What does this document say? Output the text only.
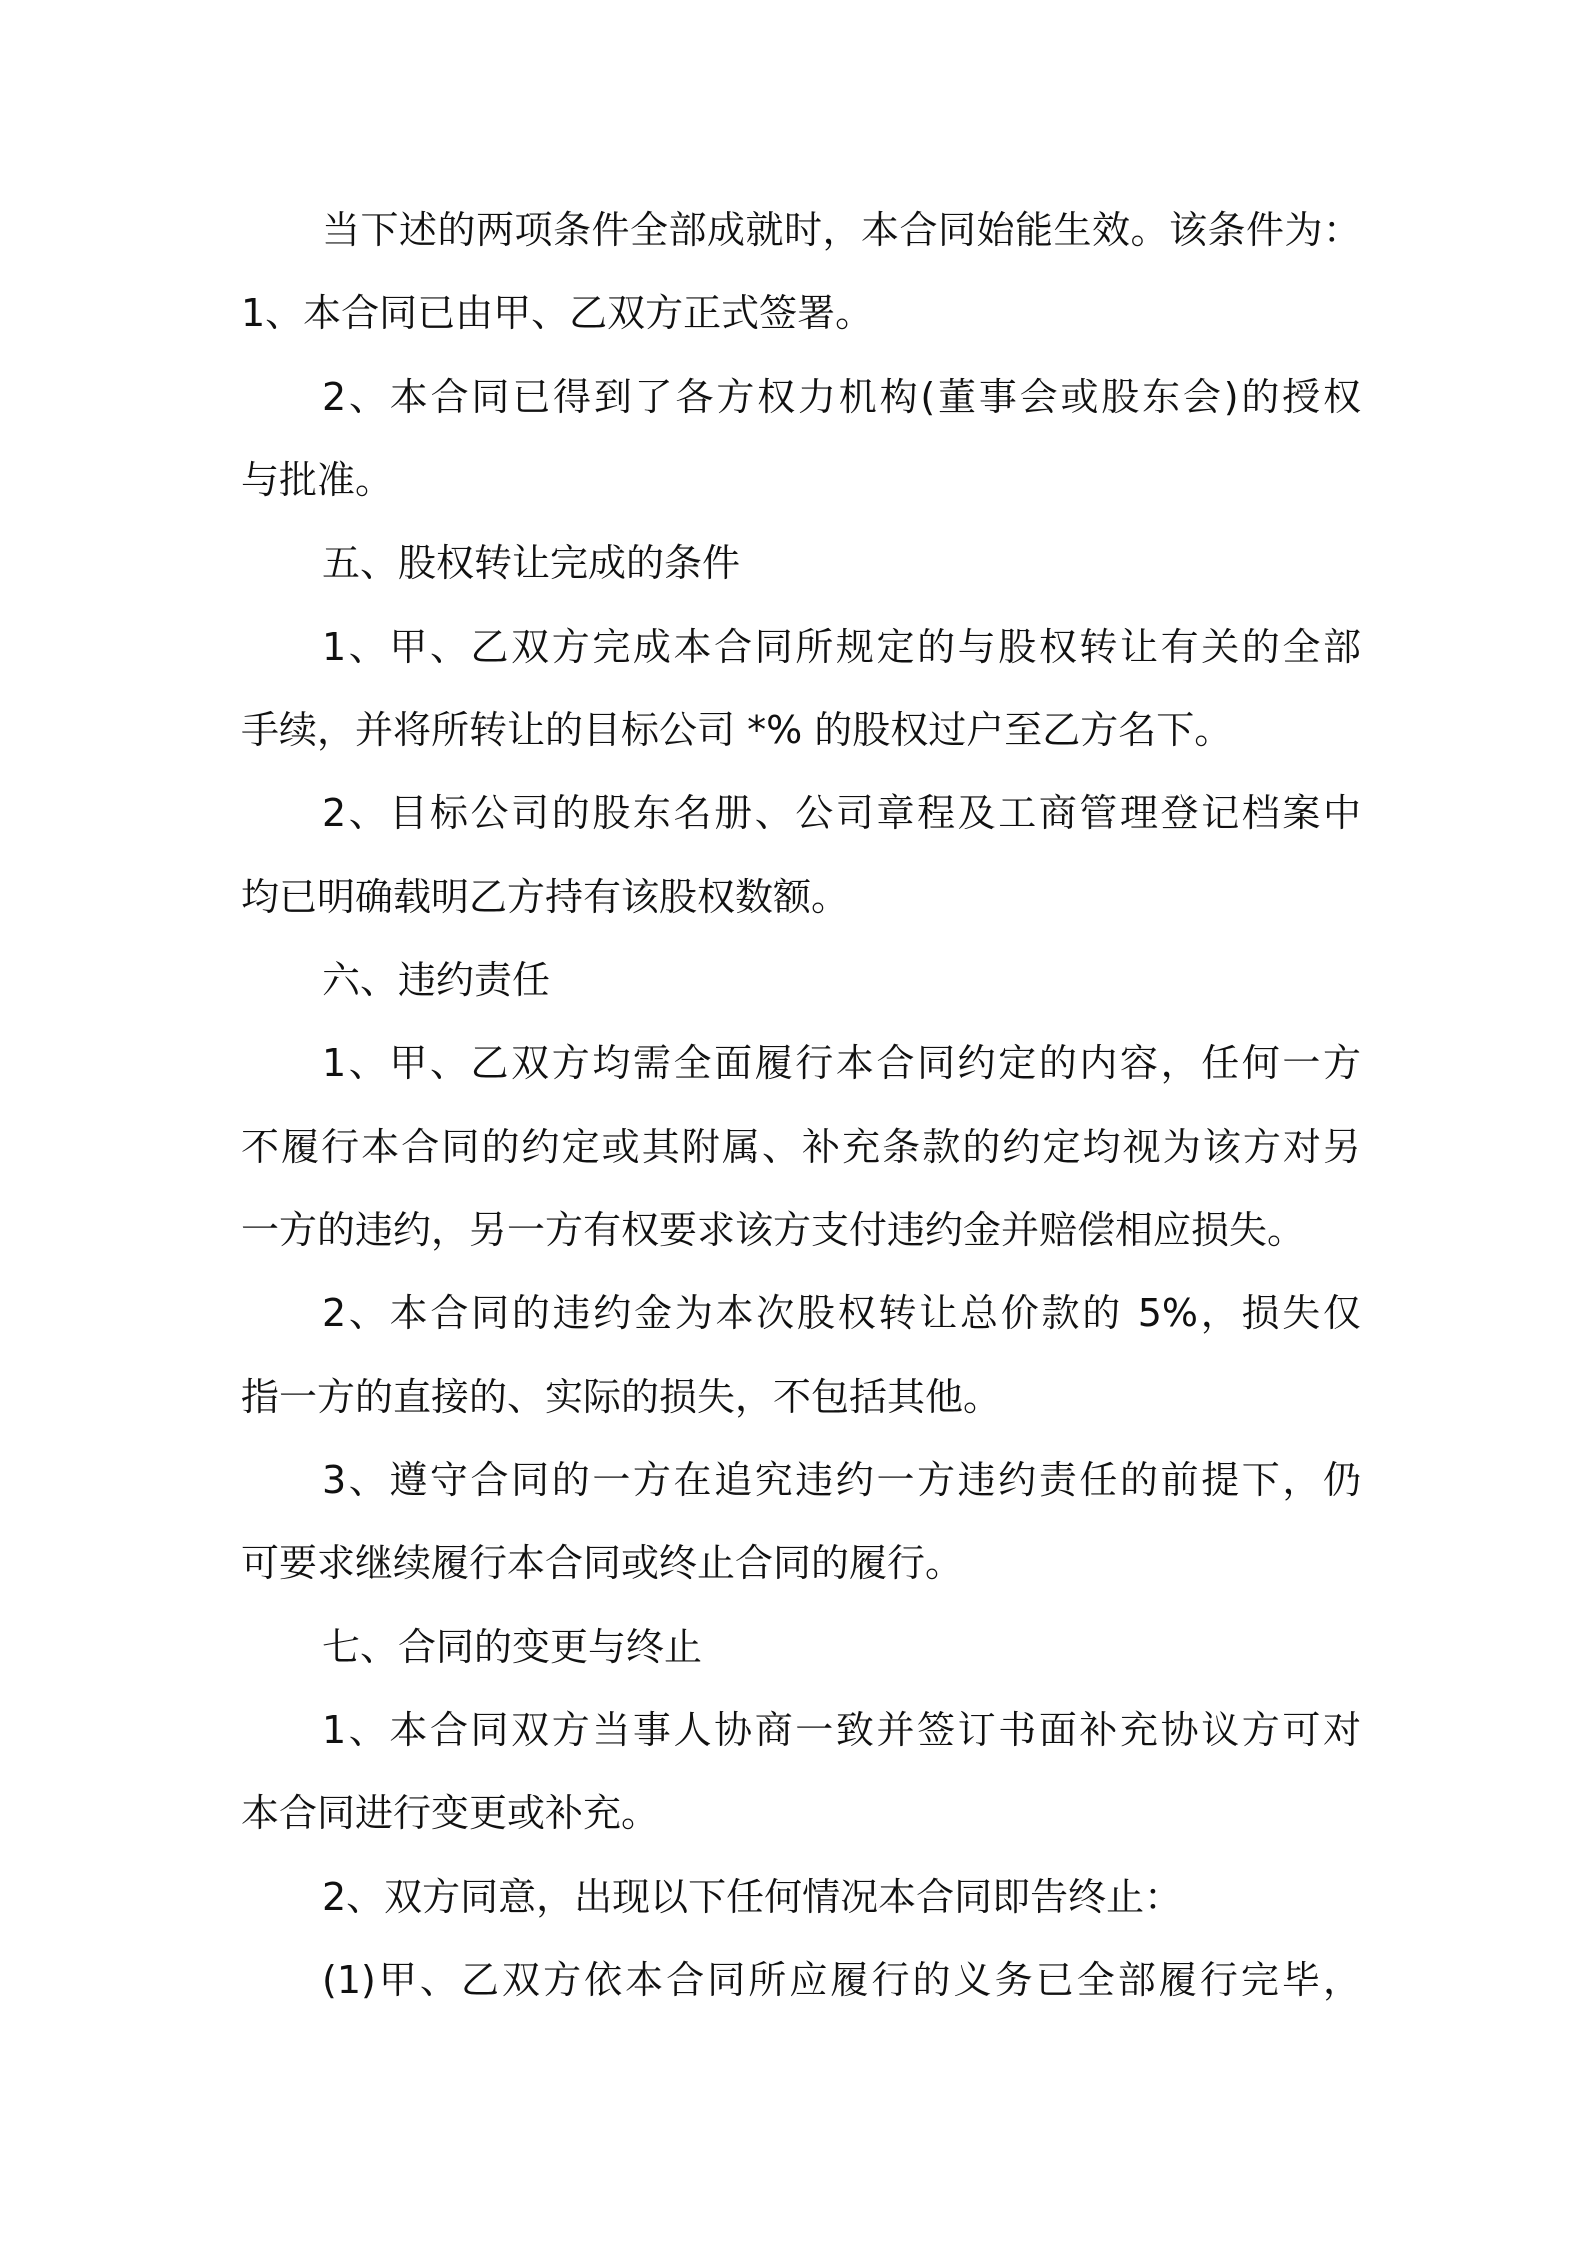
当下述的两项条件全部成就时，本合同始能生效。该条件为：
1、本合同已由甲、乙双方正式签署。
2、本合同已得到了各方权力机构(董事会或股东会)的授权
与批准。
五、股权转让完成的条件
1、甲、乙双方完成本合同所规定的与股权转让有关的全部
手续，并将所转让的目标公司 *% 的股权过户至乙方名下。
2、目标公司的股东名册、公司章程及工商管理登记档案中
均已明确载明乙方持有该股权数额。
六、违约责任
1、甲、乙双方均需全面履行本合同约定的内容，任何一方
不履行本合同的约定或其附属、补充条款的约定均视为该方对另
一方的违约，另一方有权要求该方支付违约金并赔偿相应损失。
2、本合同的违约金为本次股权转让总价款的 5%，损失仅
指一方的直接的、实际的损失，不包括其他。
3、遵守合同的一方在追究违约一方违约责任的前提下，仍
可要求继续履行本合同或终止合同的履行。
七、合同的变更与终止
1、本合同双方当事人协商一致并签订书面补充协议方可对
本合同进行变更或补充。
2、双方同意，出现以下任何情况本合同即告终止：
(1)甲、乙双方依本合同所应履行的义务已全部履行完毕，
